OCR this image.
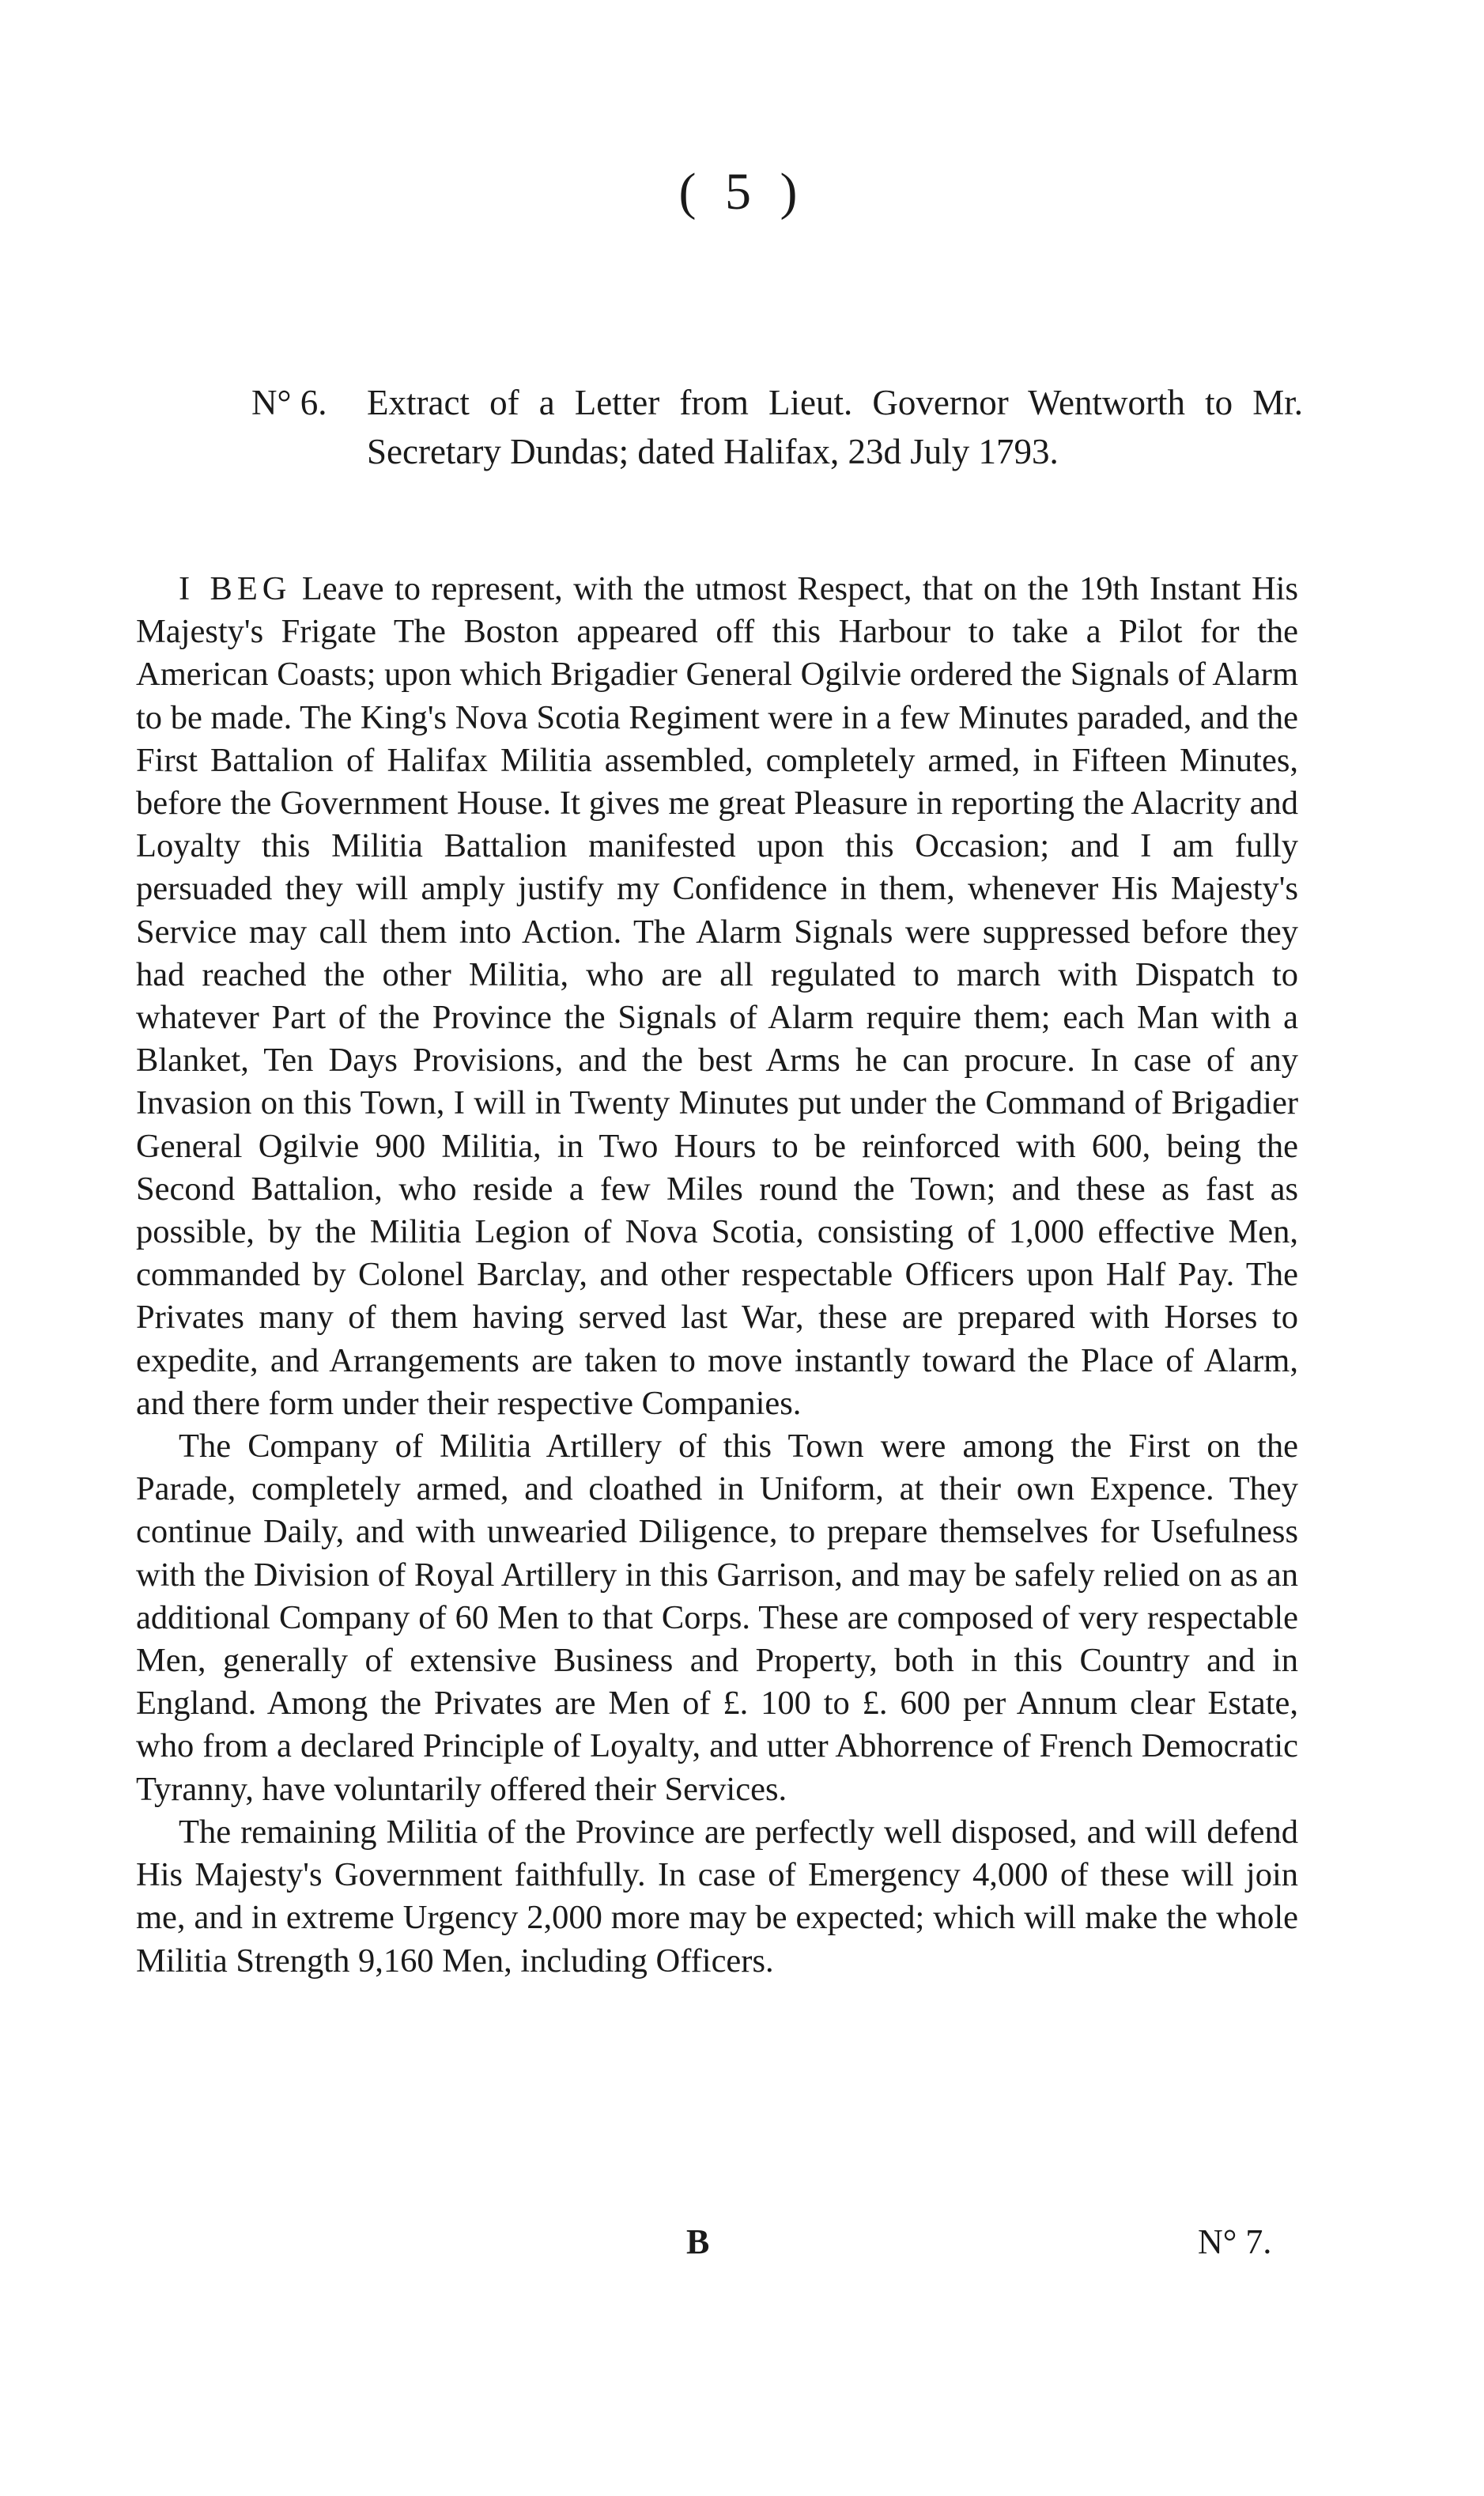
( 5 )
N° 6. Extract of a Letter from Lieut. Governor Wentworth to Mr. Secretary Dundas; dated Halifax, 23d July 1793.

I BEG Leave to represent, with the utmost Respect, that on the 19th Instant His Majesty's Frigate The Boston appeared off this Harbour to take a Pilot for the American Coasts; upon which Brigadier General Ogilvie ordered the Signals of Alarm to be made. The King's Nova Scotia Regiment were in a few Minutes paraded, and the First Battalion of Halifax Militia assembled, completely armed, in Fifteen Minutes, before the Government House. It gives me great Pleasure in reporting the Alacrity and Loyalty this Militia Battalion manifested upon this Occasion; and I am fully persuaded they will amply justify my Confidence in them, whenever His Majesty's Service may call them into Action. The Alarm Signals were suppressed before they had reached the other Militia, who are all regulated to march with Dispatch to whatever Part of the Province the Signals of Alarm require them; each Man with a Blanket, Ten Days Provisions, and the best Arms he can procure. In case of any Invasion on this Town, I will in Twenty Minutes put under the Command of Brigadier General Ogilvie 900 Militia, in Two Hours to be reinforced with 600, being the Second Battalion, who reside a few Miles round the Town; and these as fast as possible, by the Militia Legion of Nova Scotia, consisting of 1,000 effective Men, commanded by Colonel Barclay, and other respectable Officers upon Half Pay. The Privates many of them having served last War, these are prepared with Horses to expedite, and Arrangements are taken to move instantly toward the Place of Alarm, and there form under their respective Companies.

The Company of Militia Artillery of this Town were among the First on the Parade, completely armed, and cloathed in Uniform, at their own Expence. They continue Daily, and with unwearied Diligence, to prepare themselves for Usefulness with the Division of Royal Artillery in this Garrison, and may be safely relied on as an additional Company of 60 Men to that Corps. These are composed of very respectable Men, generally of extensive Business and Property, both in this Country and in England. Among the Privates are Men of £. 100 to £. 600 per Annum clear Estate, who from a declared Principle of Loyalty, and utter Abhorrence of French Democratic Tyranny, have voluntarily offered their Services.

The remaining Militia of the Province are perfectly well disposed, and will defend His Majesty's Government faithfully. In case of Emergency 4,000 of these will join me, and in extreme Urgency 2,000 more may be expected; which will make the whole Militia Strength 9,160 Men, including Officers.

B	N° 7.
